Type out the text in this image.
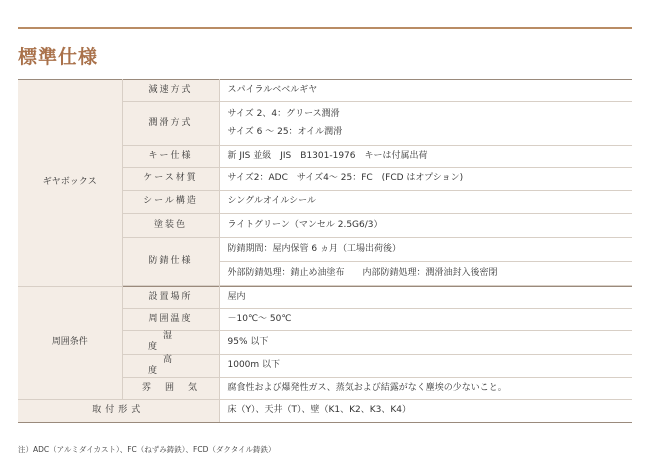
標準仕様
ギヤボックス	減速方式	スパイラルベベルギヤ
	潤滑方式	サイズ 2、4：グリース潤滑
サイズ 6 ～ 25：オイル潤滑

	キー仕様	新 JIS 並級　JIS　B1301-1976　キーは付属出荷
	ケース材質	サイズ2：ADC　サイズ4～ 25：FC　(FCD はオプション)
	シール構造	シングルオイルシール
	塗装色	ライトグリーン（マンセル 2.5G6/3）
	防錆仕様	防錆期間：屋内保管 6 ヵ月（工場出荷後）
		外部防錆処理：錆止め油塗布　　内部防錆処理：潤滑油封入後密閉

周囲条件	設置場所	屋内
	周囲温度	－10℃～ 50℃
	湿度	95% 以下
	高度	1000m 以下
	雰囲気	腐食性および爆発性ガス、蒸気および結露がなく塵埃の少ないこと。
取付形式		床（Y）、天井（T）、壁（K1、K2、K3、K4）
注）ADC（アルミダイカスト）、FC（ねずみ鋳鉄）、FCD（ダクタイル鋳鉄）
